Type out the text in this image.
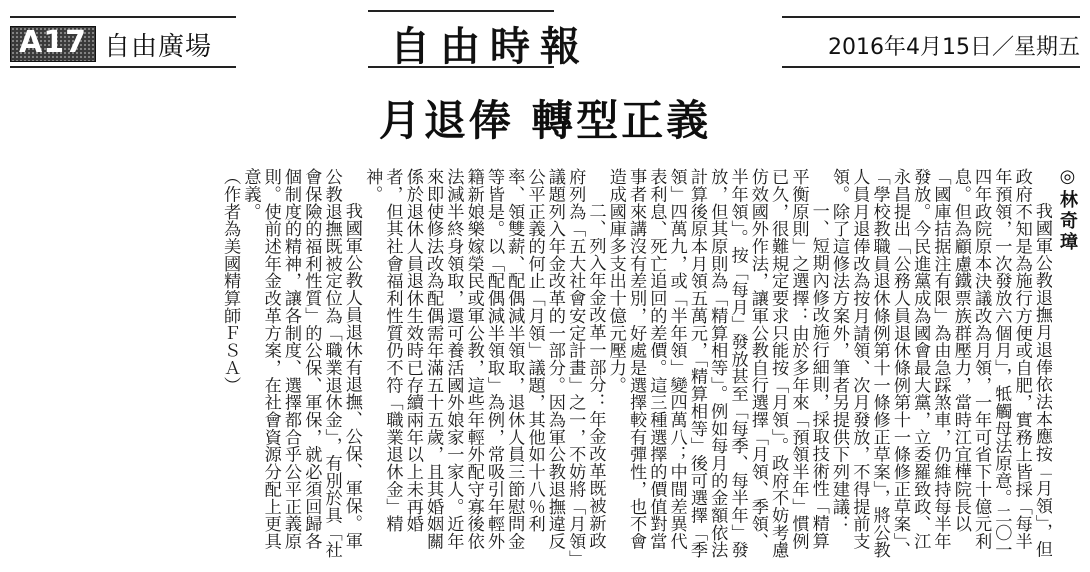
A17 自由廣場	自由時報	2016年4月15日／星期五
月退俸 轉型正義
◎林奇璋

我國軍公教退撫月退俸依法本應按「月領」，但政府不知是為施行方便或自肥，實務上皆採「每半年預領，一次發放六個月」，牴觸母法原意。二〇一四年政院原本決議改為月領，一年可省下十億元利息。但為顧慮鐵票族群壓力，當時江宜樺院長以「國庫拮据注有限」為由急踩煞車，仍維持每半年發放。今民進黨成為國會最大黨，立委羅致政、江永昌提出「公務人員退休條例第十一條修正草案」、「學校教職員退休條例第十一條修正草案」，將公教人員月退俸改為按月請領、次月發放，不得提前支領。除了這修法方案外，筆者另提供下列建議：

一、短期內修改施行細則，採取技術性「精算平衡原則」之選擇：由於多年來「預領半年」慣例已久，很難規定要求只能按「月領」。政府不妨考慮仿效國外作法，讓軍公教自行選擇「月領、季領、半年領」。按「每月」發放甚至「每季、每半年」發放，但其原則為「精算相等」。例如每月的金額依法計算後原本月領五萬元，「精算相等」後可選擇「季領」四萬九，或「半年領」變四萬八；中間差異代表利息、死亡追回的差價。這三種選擇的價值對當事者來講沒有差別，好處是選擇較有彈性，也不會造成國庫多支出十億元壓力。

二、列入年金改革一部分：年金改革既被新政府列為「五大社會安定計畫」之一，不妨將「月領」議題列入年金改革的一部分。因為軍公教退撫違反公平正義的何止「月領」議題，其他如十八％利率、領雙薪、配偶減半領取，退休人員三節慰問金等皆是。以「配偶減半領取」為例，常吸引年輕外籍新娘樂嫁榮民或軍公教，這些年輕外配守寡後依法減半終身領取，還可養活國外娘家一家人。近年來即使修法改為配偶需年滿五十五歲，且其婚姻關係於退休人員退休生效時已存續兩年以上未再婚者，但其社會福利性質仍不符「職業退休金」精神。

我國軍公教人員退休有退撫、公保、軍保。軍公教退撫既被定位為「職業退休金」，有別於具「社會保險的福利性質」的公保、軍保，就必須回歸各個制度的精神，讓各制度、選擇都合乎公平正義原則。使前述年金改革方案，在社會資源分配上更具意義。

（作者為美國精算師ＦＳＡ）
